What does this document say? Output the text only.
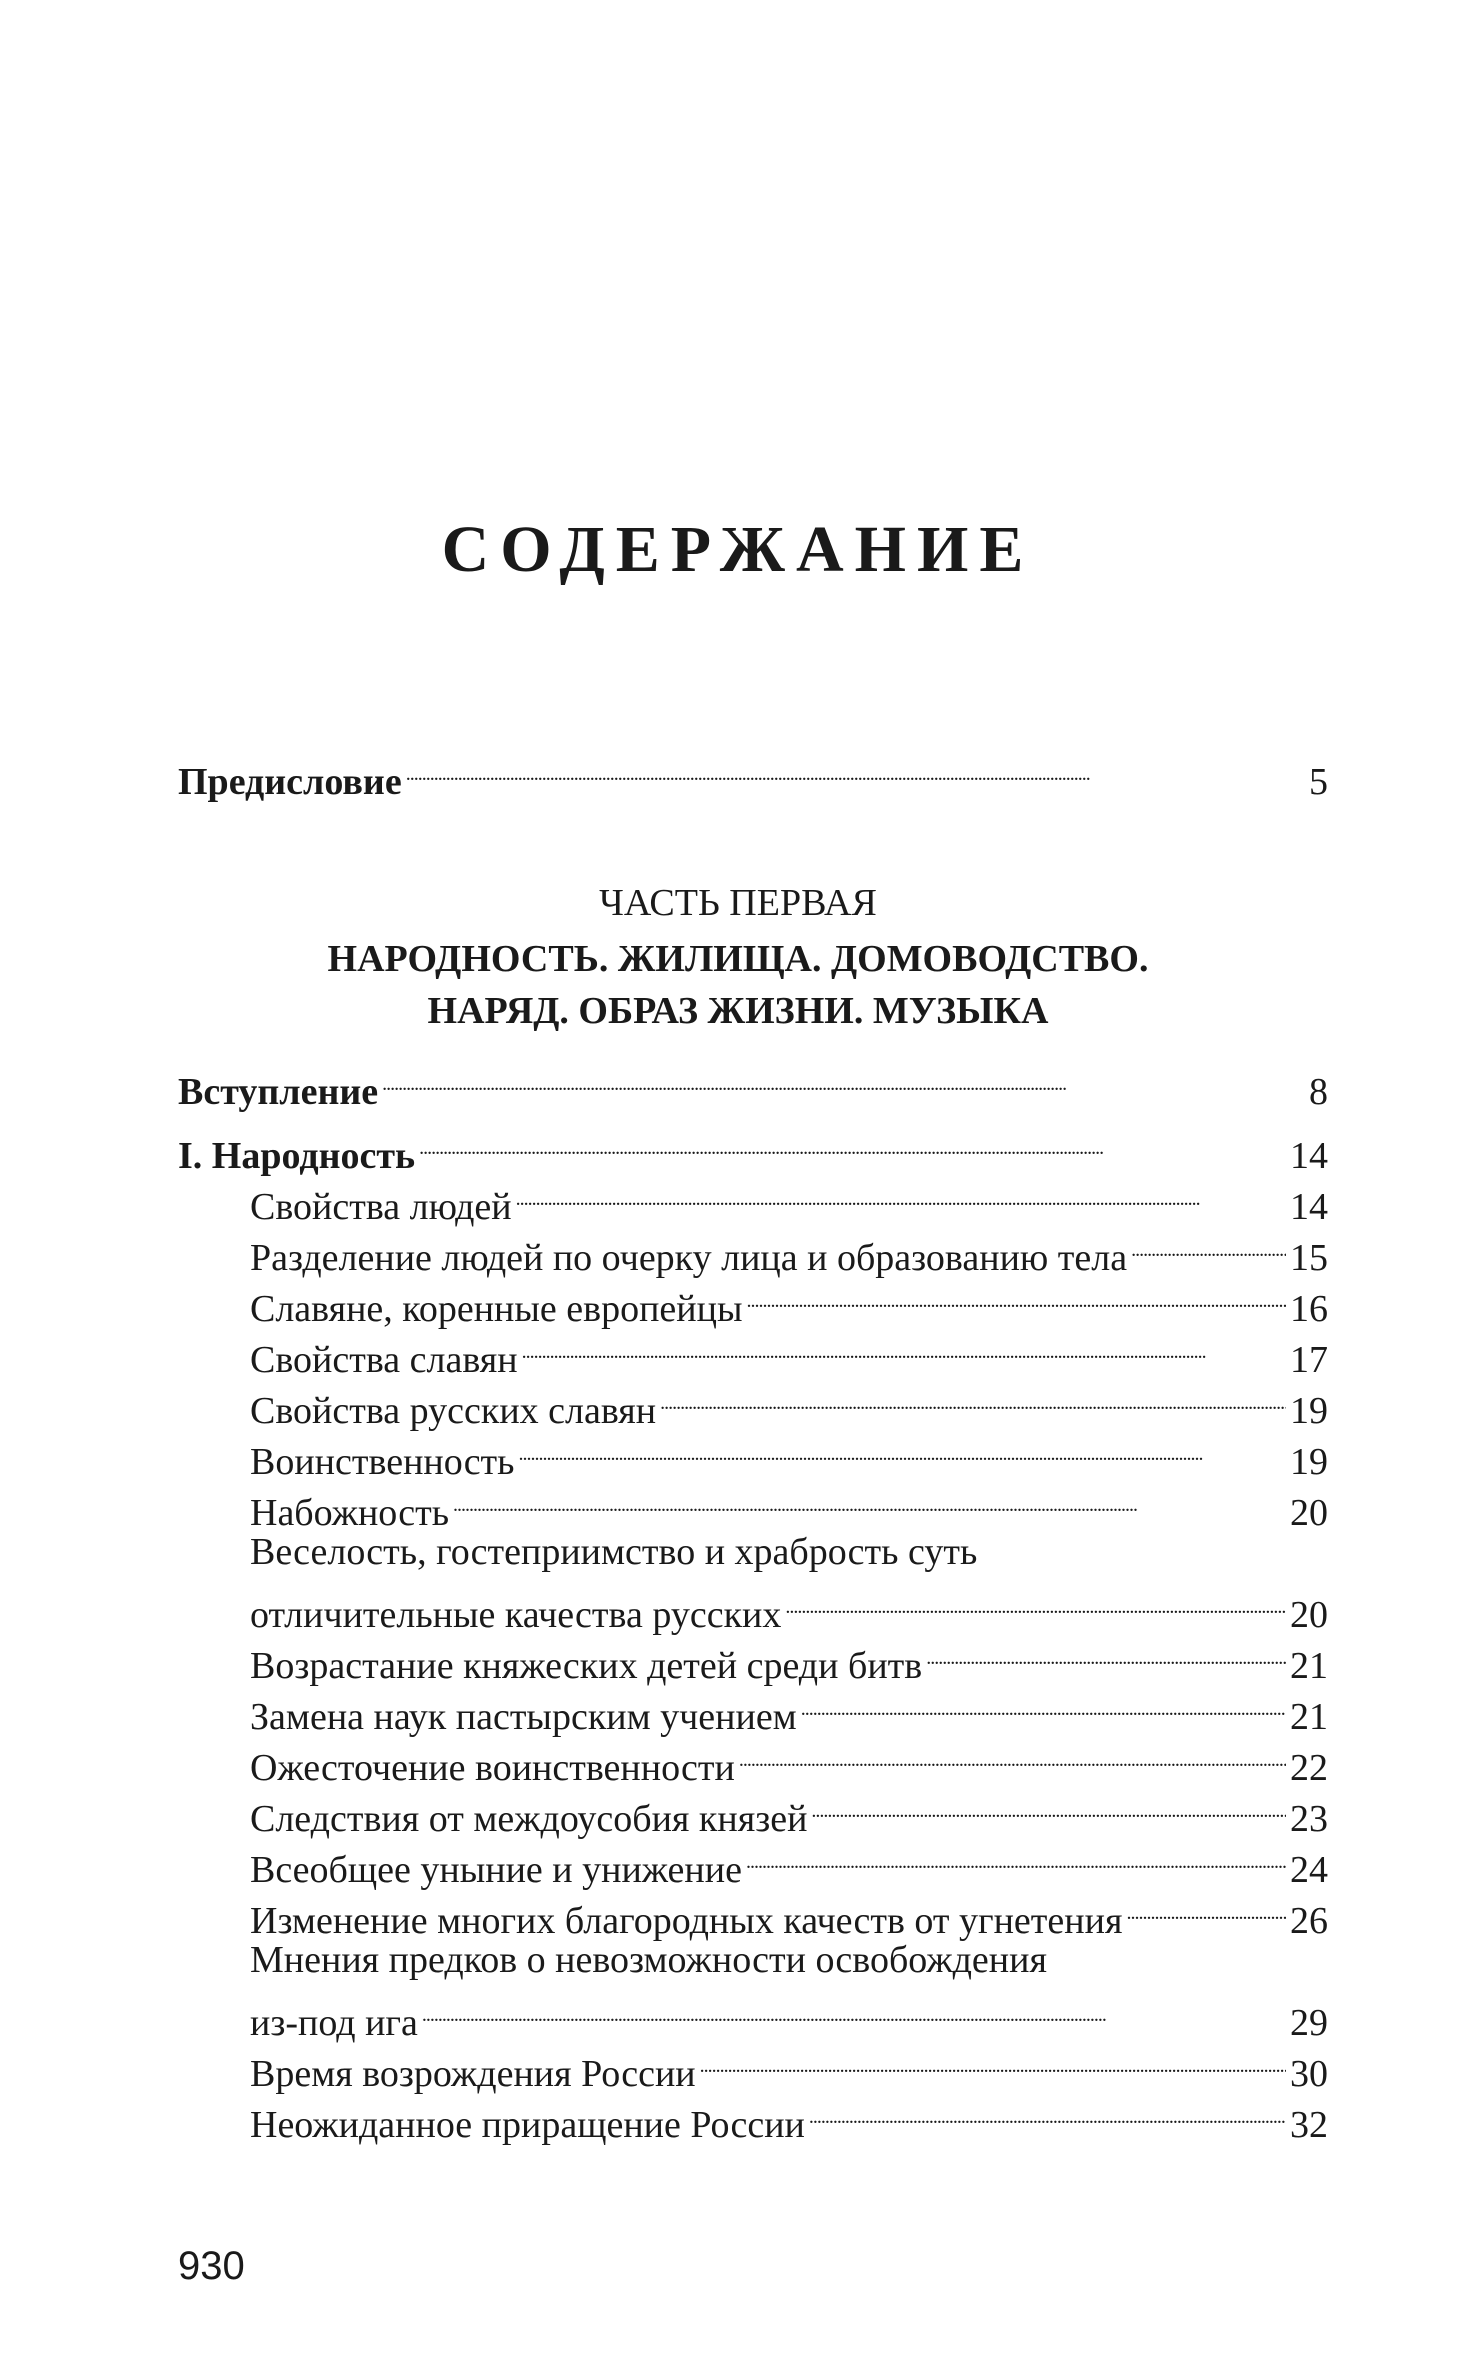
СОДЕРЖАНИЕ
Предисловие . . .	5
ЧАСТЬ ПЕРВАЯ
НАРОДНОСТЬ. ЖИЛИЩА. ДОМОВОДСТВО.
НАРЯД. ОБРАЗ ЖИЗНИ. МУЗЫКА
Вступление . . .	8
I. Народность . . .	14
Свойства людей . . .	14
Разделение людей по очерку лица и образованию тела . . .	15
Славяне, коренные европейцы . . .	16
Свойства славян . . .	17
Свойства русских славян . . .	19
Воинственность . . .	19
Набожность . . .	20
Веселость, гостеприимство и храбрость суть
отличительные качества русских . . .	20
Возрастание княжеских детей среди битв . . .	21
Замена наук пастырским учением . . .	21
Ожесточение воинственности . . .	22
Следствия от междоусобия князей . . .	23
Всеобщее уныние и унижение . . .	24
Изменение многих благородных качеств от угнетения . . .	26
Мнения предков о невозможности освобождения
из-под ига . . .	29
Время возрождения России . . .	30
Неожиданное приращение России . . .	32
930
